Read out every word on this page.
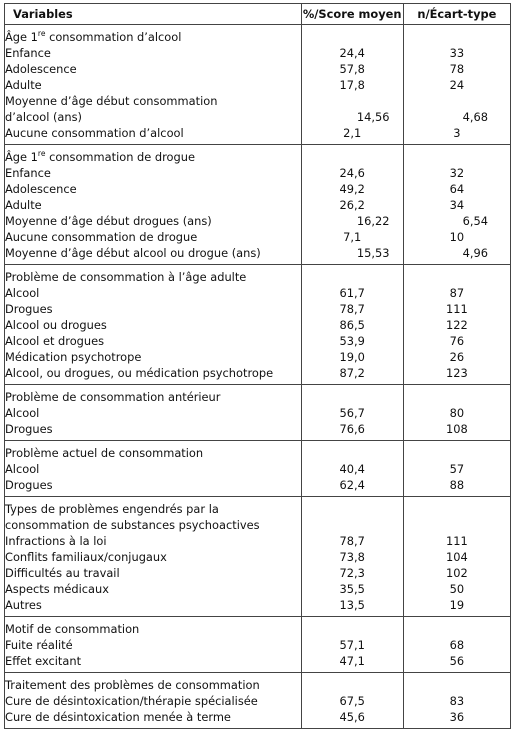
Variables	%/Score moyen	n/Écart-type
Âge 1re consommation d’alcool		
Enfance	24,4	33
Adolescence	57,8	78
Adulte	17,8	24
Moyenne d’âge début consommation		
d’alcool (ans)	14,56	4,68
Aucune consommation d’alcool	2,1	3
Âge 1re consommation de drogue		
Enfance	24,6	32
Adolescence	49,2	64
Adulte	26,2	34
Moyenne d’âge début drogues (ans)	16,22	6,54
Aucune consommation de drogue	7,1	10
Moyenne d’âge début alcool ou drogue (ans)	15,53	4,96
Problème de consommation à l’âge adulte		
Alcool	61,7	87
Drogues	78,7	111
Alcool ou drogues	86,5	122
Alcool et drogues	53,9	76
Médication psychotrope	19,0	26
Alcool, ou drogues, ou médication psychotrope	87,2	123
Problème de consommation antérieur		
Alcool	56,7	80
Drogues	76,6	108
Problème actuel de consommation		
Alcool	40,4	57
Drogues	62,4	88
Types de problèmes engendrés par la		
consommation de substances psychoactives		
Infractions à la loi	78,7	111
Conflits familiaux/conjugaux	73,8	104
Difficultés au travail	72,3	102
Aspects médicaux	35,5	50
Autres	13,5	19
Motif de consommation		
Fuite réalité	57,1	68
Effet excitant	47,1	56
Traitement des problèmes de consommation		
Cure de désintoxication/thérapie spécialisée	67,5	83
Cure de désintoxication menée à terme	45,6	36
